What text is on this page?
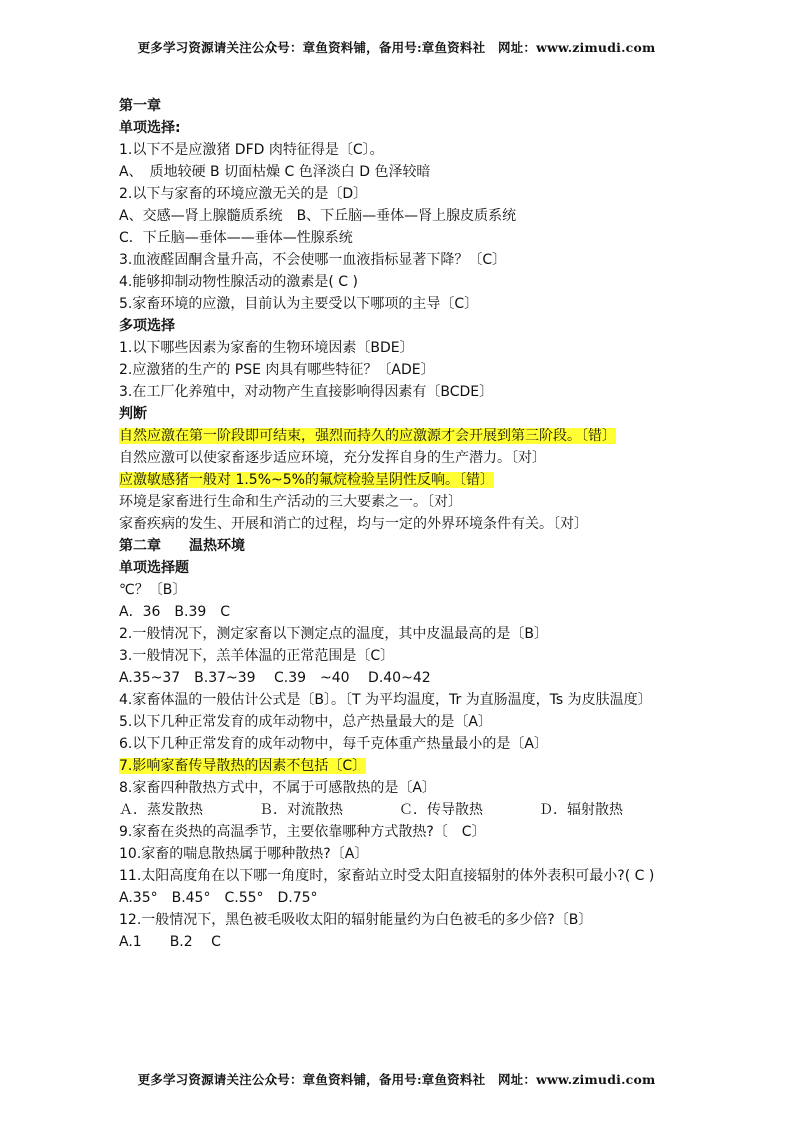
更多学习资源请关注公众号：章鱼资料铺，备用号:章鱼资料社　网址：www.zimudi.com
第一章
单项选择:
1.以下不是应激猪 DFD 肉特征得是〔C〕。
A、　质地较硬 B 切面枯燥 C 色泽淡白 D 色泽较暗
2.以下与家畜的环境应激无关的是〔D〕
A、交感—肾上腺髓质系统　B、下丘脑—垂体—肾上腺皮质系统
C．下丘脑—垂体——垂体—性腺系统
3.血液醛固酮含量升高，不会使哪一血液指标显著下降？〔C〕
4.能够抑制动物性腺活动的激素是( C )
5.家畜环境的应激，目前认为主要受以下哪项的主导〔C〕
多项选择
1.以下哪些因素为家畜的生物环境因素〔BDE〕
2.应激猪的生产的 PSE 肉具有哪些特征？〔ADE〕
3.在工厂化养殖中，对动物产生直接影响得因素有〔BCDE〕
判断
自然应激在第一阶段即可结束，强烈而持久的应激源才会开展到第三阶段。〔错〕
自然应激可以使家畜逐步适应环境，充分发挥自身的生产潜力。〔对〕
应激敏感猪一般对 1.5%~5%的氟烷检验呈阴性反响。〔错〕
环境是家畜进行生命和生产活动的三大要素之一。〔对〕
家畜疾病的发生、开展和消亡的过程，均与一定的外界环境条件有关。〔对〕
第二章　　温热环境
单项选择题
℃？〔B〕
A．36　B.39　C
2.一般情况下，测定家畜以下测定点的温度，其中皮温最高的是〔B〕
3.一般情况下，羔羊体温的正常范围是〔C〕
A.35~37　B.37~39　 C.39　~40　 D.40~42
4.家畜体温的一般估计公式是〔B〕。〔T 为平均温度，Tr 为直肠温度，Ts 为皮肤温度〕
5.以下几种正常发育的成年动物中，总产热量最大的是〔A〕
6.以下几种正常发育的成年动物中，每千克体重产热量最小的是〔A〕
7.影响家畜传导散热的因素不包括〔C〕
8.家畜四种散热方式中，不属于可感散热的是〔A〕
Ａ．蒸发散热　　　　Ｂ．对流散热　　　　Ｃ．传导散热　　　　Ｄ．辐射散热
9.家畜在炎热的高温季节，主要依靠哪种方式散热?〔　C〕
10.家畜的喘息散热属于哪种散热?〔A〕
11.太阳高度角在以下哪一角度时，家畜站立时受太阳直接辐射的体外表积可最小?( C )
A.35°　B.45°　C.55°　D.75°
12.一般情况下，黑色被毛吸收太阳的辐射能量约为白色被毛的多少倍?〔B〕
A.1　　B.2　 C
更多学习资源请关注公众号：章鱼资料铺，备用号:章鱼资料社　网址：www.zimudi.com
